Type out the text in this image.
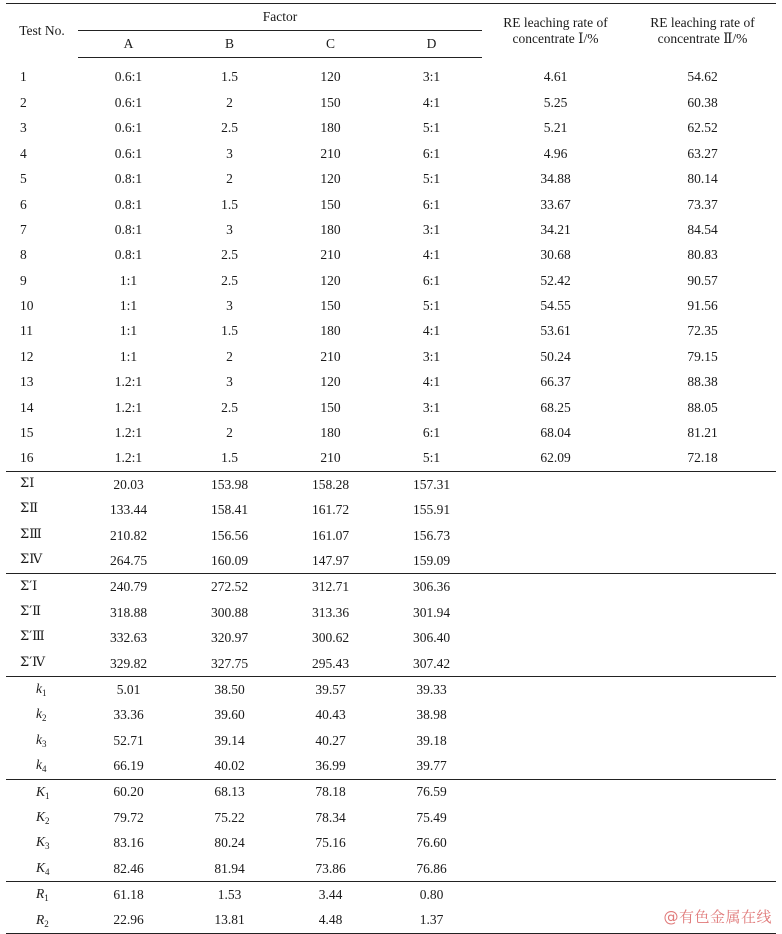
Test No.	Factor				RE leaching rate of concentrate Ⅰ/%	RE leaching rate of concentrate Ⅱ/%
	A	B	C	D		
1	0.6:1	1.5	120	3:1	4.61	54.62
2	0.6:1	2	150	4:1	5.25	60.38
3	0.6:1	2.5	180	5:1	5.21	62.52
4	0.6:1	3	210	6:1	4.96	63.27
5	0.8:1	2	120	5:1	34.88	80.14
6	0.8:1	1.5	150	6:1	33.67	73.37
7	0.8:1	3	180	3:1	34.21	84.54
8	0.8:1	2.5	210	4:1	30.68	80.83
9	1:1	2.5	120	6:1	52.42	90.57
10	1:1	3	150	5:1	54.55	91.56
11	1:1	1.5	180	4:1	53.61	72.35
12	1:1	2	210	3:1	50.24	79.15
13	1.2:1	3	120	4:1	66.37	88.38
14	1.2:1	2.5	150	3:1	68.25	88.05
15	1.2:1	2	180	6:1	68.04	81.21
16	1.2:1	1.5	210	5:1	62.09	72.18
ΣⅠ	20.03	153.98	158.28	157.31		
ΣⅡ	133.44	158.41	161.72	155.91		
ΣⅢ	210.82	156.56	161.07	156.73		
ΣⅣ	264.75	160.09	147.97	159.09		
Σ′Ⅰ	240.79	272.52	312.71	306.36		
Σ′Ⅱ	318.88	300.88	313.36	301.94		
Σ′Ⅲ	332.63	320.97	300.62	306.40		
Σ′Ⅳ	329.82	327.75	295.43	307.42		
$k_1$	5.01	38.50	39.57	39.33		
$k_2$	33.36	39.60	40.43	38.98		
$k_3$	52.71	39.14	40.27	39.18		
$k_4$	66.19	40.02	36.99	39.77		
$K_1$	60.20	68.13	78.18	76.59		
$K_2$	79.72	75.22	78.34	75.49		
$K_3$	83.16	80.24	75.16	76.60		
$K_4$	82.46	81.94	73.86	76.86		
$R_1$	61.18	1.53	3.44	0.80		
$R_2$	22.96	13.81	4.48	1.37			@有色金属在线
